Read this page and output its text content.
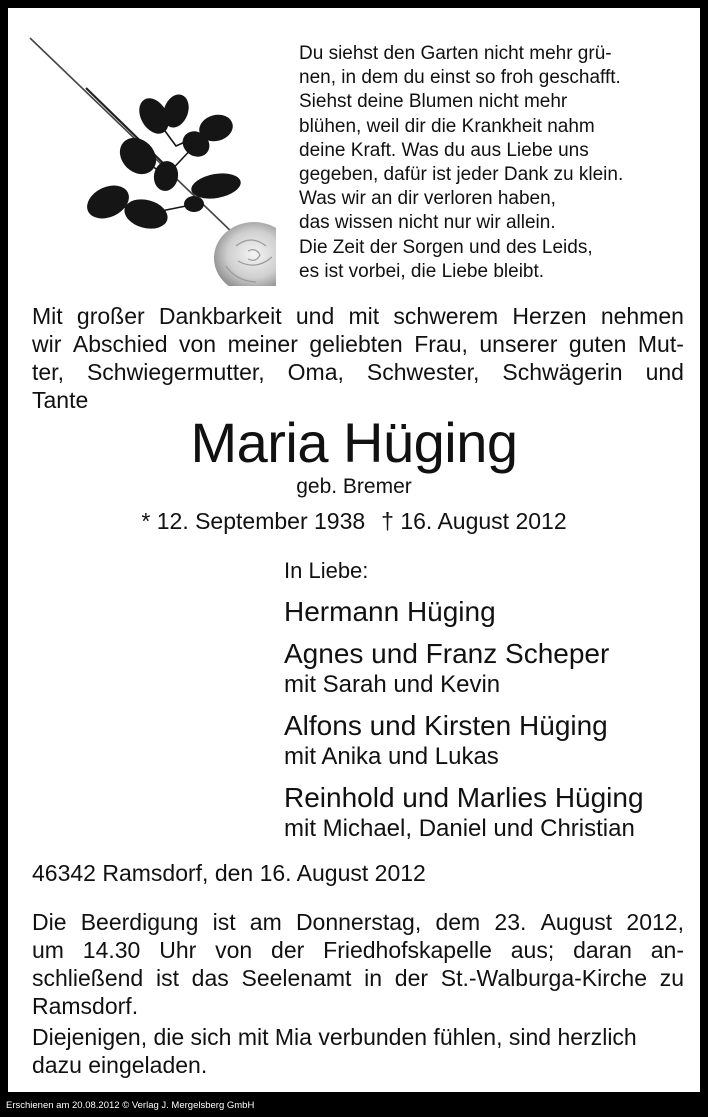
Du siehst den Garten nicht mehr grü-
nen, in dem du einst so froh geschafft.
Siehst deine Blumen nicht mehr
blühen, weil dir die Krankheit nahm
deine Kraft. Was du aus Liebe uns
gegeben, dafür ist jeder Dank zu klein.
Was wir an dir verloren haben,
das wissen nicht nur wir allein.
Die Zeit der Sorgen und des Leids,
es ist vorbei, die Liebe bleibt.
Mit großer Dankbarkeit und mit schwerem Herzen nehmen
wir Abschied von meiner geliebten Frau, unserer guten Mut-
ter, Schwiegermutter, Oma, Schwester, Schwägerin und
Tante
Maria Hüging
geb. Bremer
* 12. September 1938 † 16. August 2012
In Liebe:
Hermann Hüging
Agnes und Franz Scheper
mit Sarah und Kevin
Alfons und Kirsten Hüging
mit Anika und Lukas
Reinhold und Marlies Hüging
mit Michael, Daniel und Christian
46342 Ramsdorf, den 16. August 2012
Die Beerdigung ist am Donnerstag, dem 23. August 2012,
um 14.30 Uhr von der Friedhofskapelle aus; daran an-
schließend ist das Seelenamt in der St.-Walburga-Kirche zu
Ramsdorf.
Diejenigen, die sich mit Mia verbunden fühlen, sind herzlich
dazu eingeladen.
Erschienen am 20.08.2012 © Verlag J. Mergelsberg GmbH
